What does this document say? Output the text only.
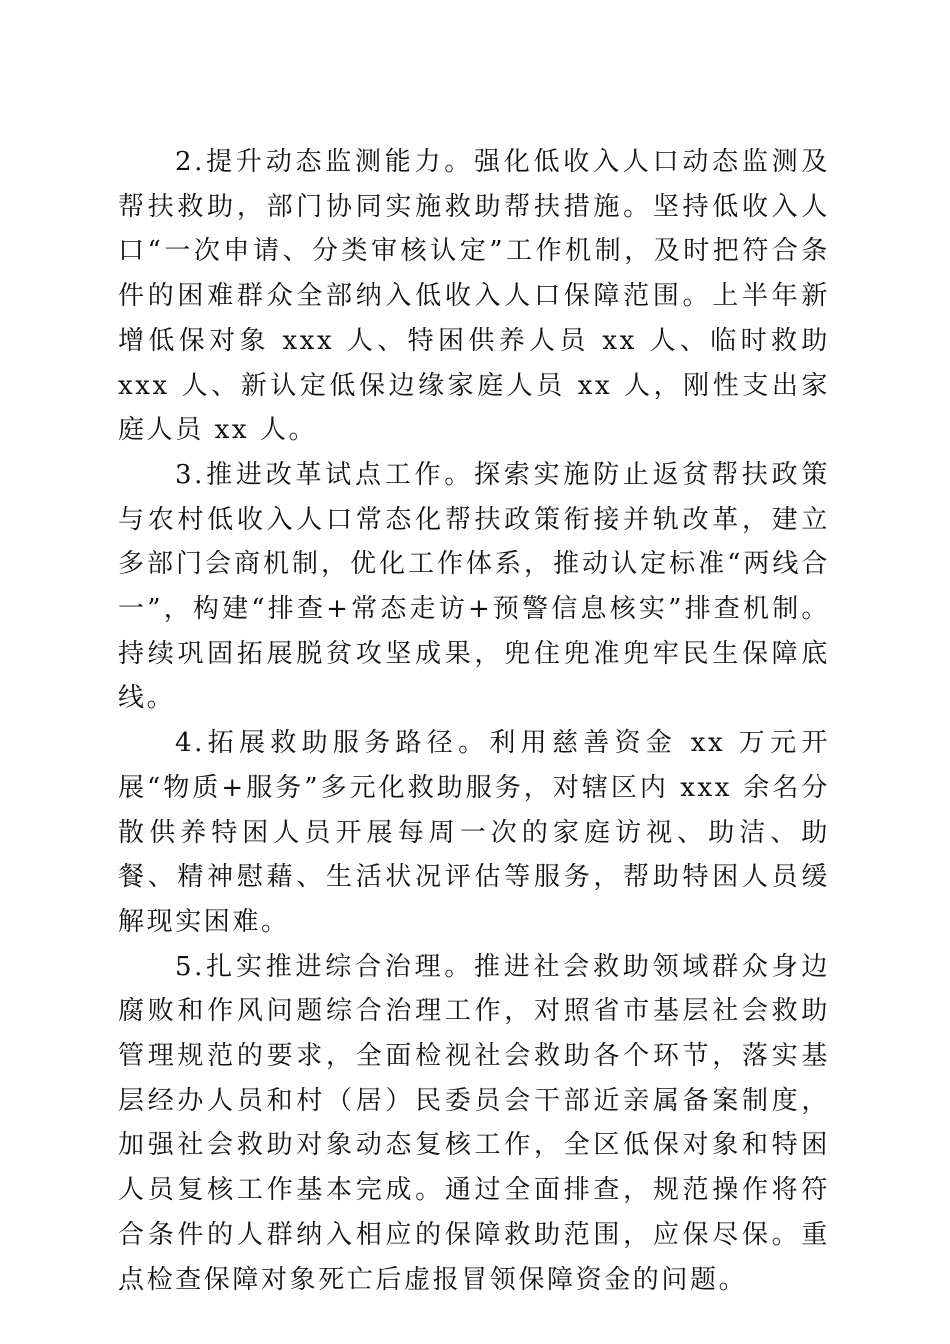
2.提升动态监测能力。强化低收入人口动态监测及帮扶救助，部门协同实施救助帮扶措施。坚持低收入人口“一次申请、分类审核认定”工作机制，及时把符合条件的困难群众全部纳入低收入人口保障范围。上半年新增低保对象 xxx 人、特困供养人员 xx 人、临时救助 xxx 人、新认定低保边缘家庭人员 xx 人，刚性支出家庭人员 xx 人。

3.推进改革试点工作。探索实施防止返贫帮扶政策与农村低收入人口常态化帮扶政策衔接并轨改革，建立多部门会商机制，优化工作体系，推动认定标准“两线合一”，构建“排查+常态走访+预警信息核实”排查机制。持续巩固拓展脱贫攻坚成果，兜住兜准兜牢民生保障底线。

4.拓展救助服务路径。利用慈善资金 xx 万元开展“物质+服务”多元化救助服务，对辖区内 xxx 余名分散供养特困人员开展每周一次的家庭访视、助洁、助餐、精神慰藉、生活状况评估等服务，帮助特困人员缓解现实困难。

5.扎实推进综合治理。推进社会救助领域群众身边腐败和作风问题综合治理工作，对照省市基层社会救助管理规范的要求，全面检视社会救助各个环节，落实基层经办人员和村（居）民委员会干部近亲属备案制度，加强社会救助对象动态复核工作，全区低保对象和特困人员复核工作基本完成。通过全面排查，规范操作将符合条件的人群纳入相应的保障救助范围，应保尽保。重点检查保障对象死亡后虚报冒领保障资金的问题。
